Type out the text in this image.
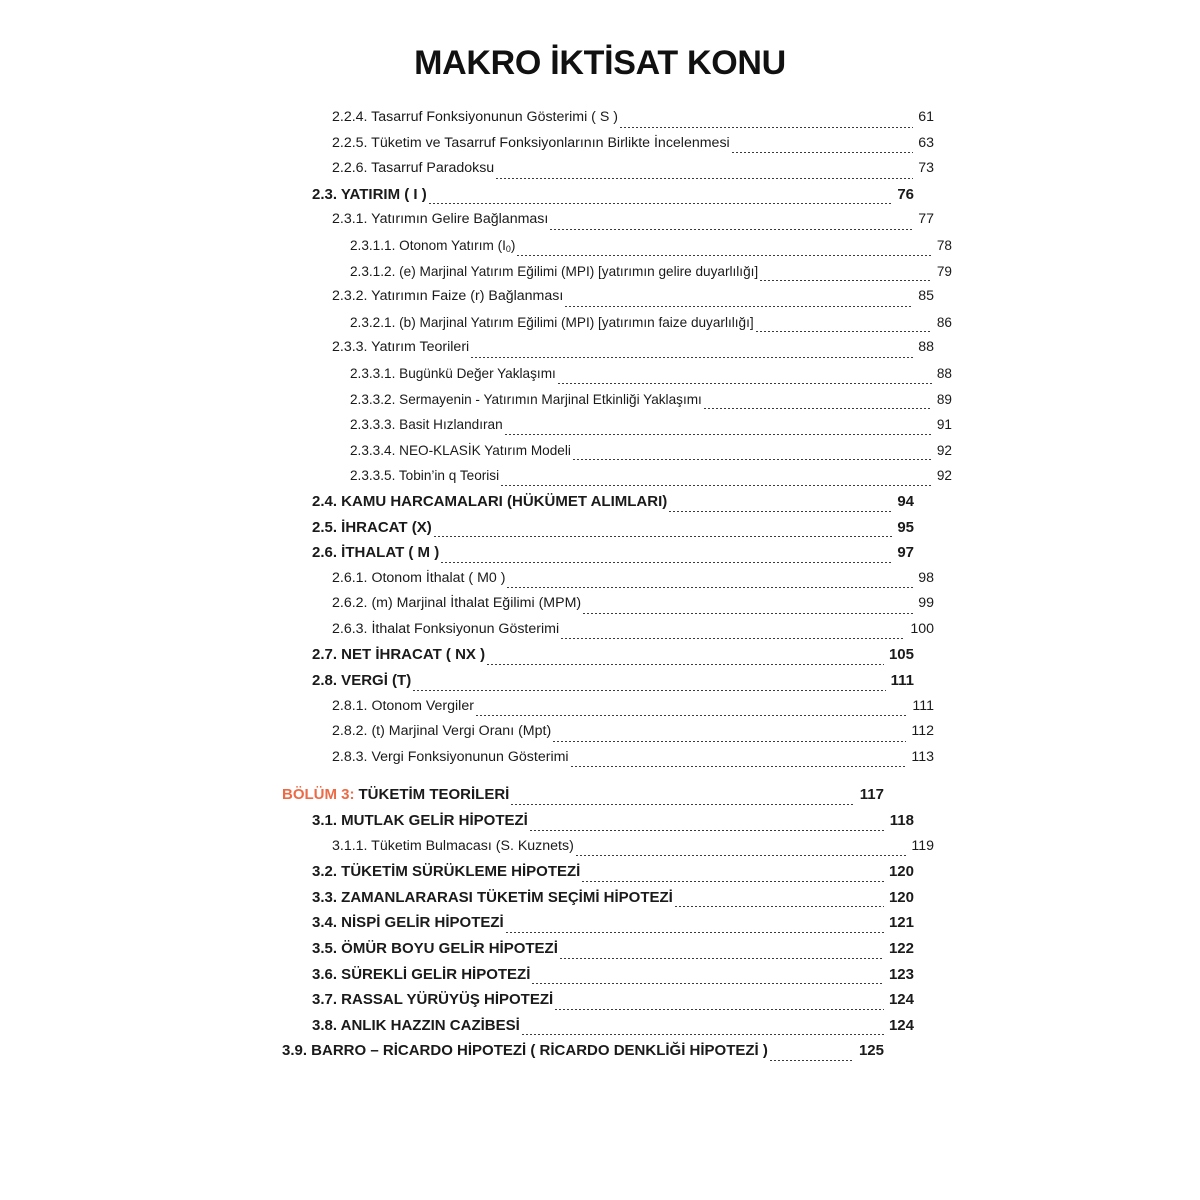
MAKRO İKTİSAT KONU
2.2.4. Tasarruf Fonksiyonunun Gösterimi ( S )	61
2.2.5. Tüketim ve Tasarruf Fonksiyonlarının Birlikte İncelenmesi	63
2.2.6. Tasarruf Paradoksu	73
2.3. YATIRIM ( I )	76
2.3.1. Yatırımın Gelire Bağlanması	77
2.3.1.1. Otonom Yatırım $(I_0)$	78
2.3.1.2. (e) Marjinal Yatırım Eğilimi (MPI) [yatırımın gelire duyarlılığı]	79
2.3.2. Yatırımın Faize (r) Bağlanması	85
2.3.2.1. (b) Marjinal Yatırım Eğilimi (MPI) [yatırımın faize duyarlılığı]	86
2.3.3. Yatırım Teorileri	88
2.3.3.1. Bugünkü Değer Yaklaşımı	88
2.3.3.2. Sermayenin - Yatırımın Marjinal Etkinliği Yaklaşımı	89
2.3.3.3. Basit Hızlandıran	91
2.3.3.4. NEO-KLASİK Yatırım Modeli	92
2.3.3.5. Tobin’in q Teorisi	92
2.4. KAMU HARCAMALARI (HÜKÜMET ALIMLARI)	94
2.5. İHRACAT (X)	95
2.6. İTHALAT ( M )	97
2.6.1. Otonom İthalat ( M0 )	98
2.6.2. (m) Marjinal İthalat Eğilimi (MPM)	99
2.6.3. İthalat Fonksiyonun Gösterimi	100
2.7. NET İHRACAT ( NX )	105
2.8. VERGİ (T)	111
2.8.1. Otonom Vergiler	111
2.8.2. (t) Marjinal Vergi Oranı (Mpt)	112
2.8.3. Vergi Fonksiyonunun Gösterimi	113
BÖLÜM 3: TÜKETİM TEORİLERİ	117
3.1. MUTLAK GELİR HİPOTEZİ	118
3.1.1. Tüketim Bulmacası (S. Kuznets)	119
3.2. TÜKETİM SÜRÜKLEME HİPOTEZİ	120
3.3. ZAMANLARARASI TÜKETİM SEÇİMİ HİPOTEZİ	120
3.4. NİSPİ GELİR HİPOTEZİ	121
3.5. ÖMÜR BOYU GELİR HİPOTEZİ	122
3.6. SÜREKLİ GELİR HİPOTEZİ	123
3.7. RASSAL YÜRÜYÜŞ HİPOTEZİ	124
3.8. ANLIK HAZZIN CAZİBESİ	124
3.9. BARRO – RİCARDO HİPOTEZİ ( RİCARDO DENKLİĞİ HİPOTEZİ )	125
